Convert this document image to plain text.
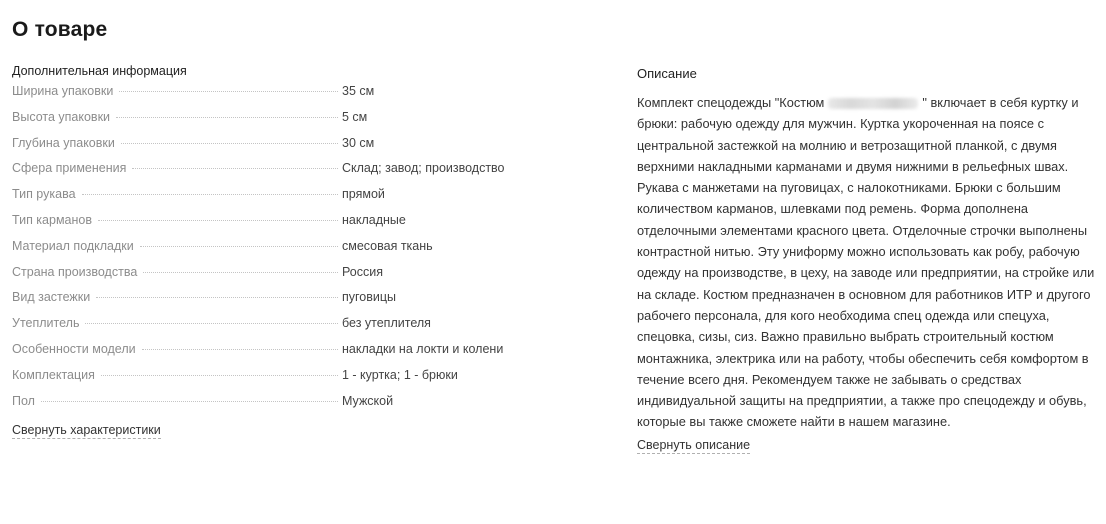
О товаре
Дополнительная информация
Ширина упаковки	35 см
Высота упаковки	5 см
Глубина упаковки	30 см
Сфера применения	Склад; завод; производство
Тип рукава	прямой
Тип карманов	накладные
Материал подкладки	смесовая ткань
Страна производства	Россия
Вид застежки	пуговицы
Утеплитель	без утеплителя
Особенности модели	накладки на локти и колени
Комплектация	1 - куртка; 1 - брюки
Пол	Мужской
Свернуть характеристики
Описание
Комплект спецодежды "Костюм	" включает в себя куртку и брюки: рабочую одежду для мужчин. Куртка укороченная на поясе с центральной застежкой на молнию и ветрозащитной планкой, с двумя верхними накладными карманами и двумя нижними в рельефных швах. Рукава с манжетами на пуговицах, с налокотниками. Брюки с большим количеством карманов, шлевками под ремень. Форма дополнена отделочными элементами красного цвета. Отделочные строчки выполнены контрастной нитью. Эту униформу можно использовать как робу, рабочую одежду на производстве, в цеху, на заводе или предприятии, на стройке или на складе. Костюм предназначен в основном для работников ИТР и другого рабочего персонала, для кого необходима спец одежда или спецуха, спецовка, сизы, сиз. Важно правильно выбрать строительный костюм монтажника, электрика или на работу, чтобы обеспечить себя комфортом в течение всего дня. Рекомендуем также не забывать о средствах индивидуальной защиты на предприятии, а также про спецодежду и обувь, которые вы также сможете найти в нашем магазине.
Свернуть описание
